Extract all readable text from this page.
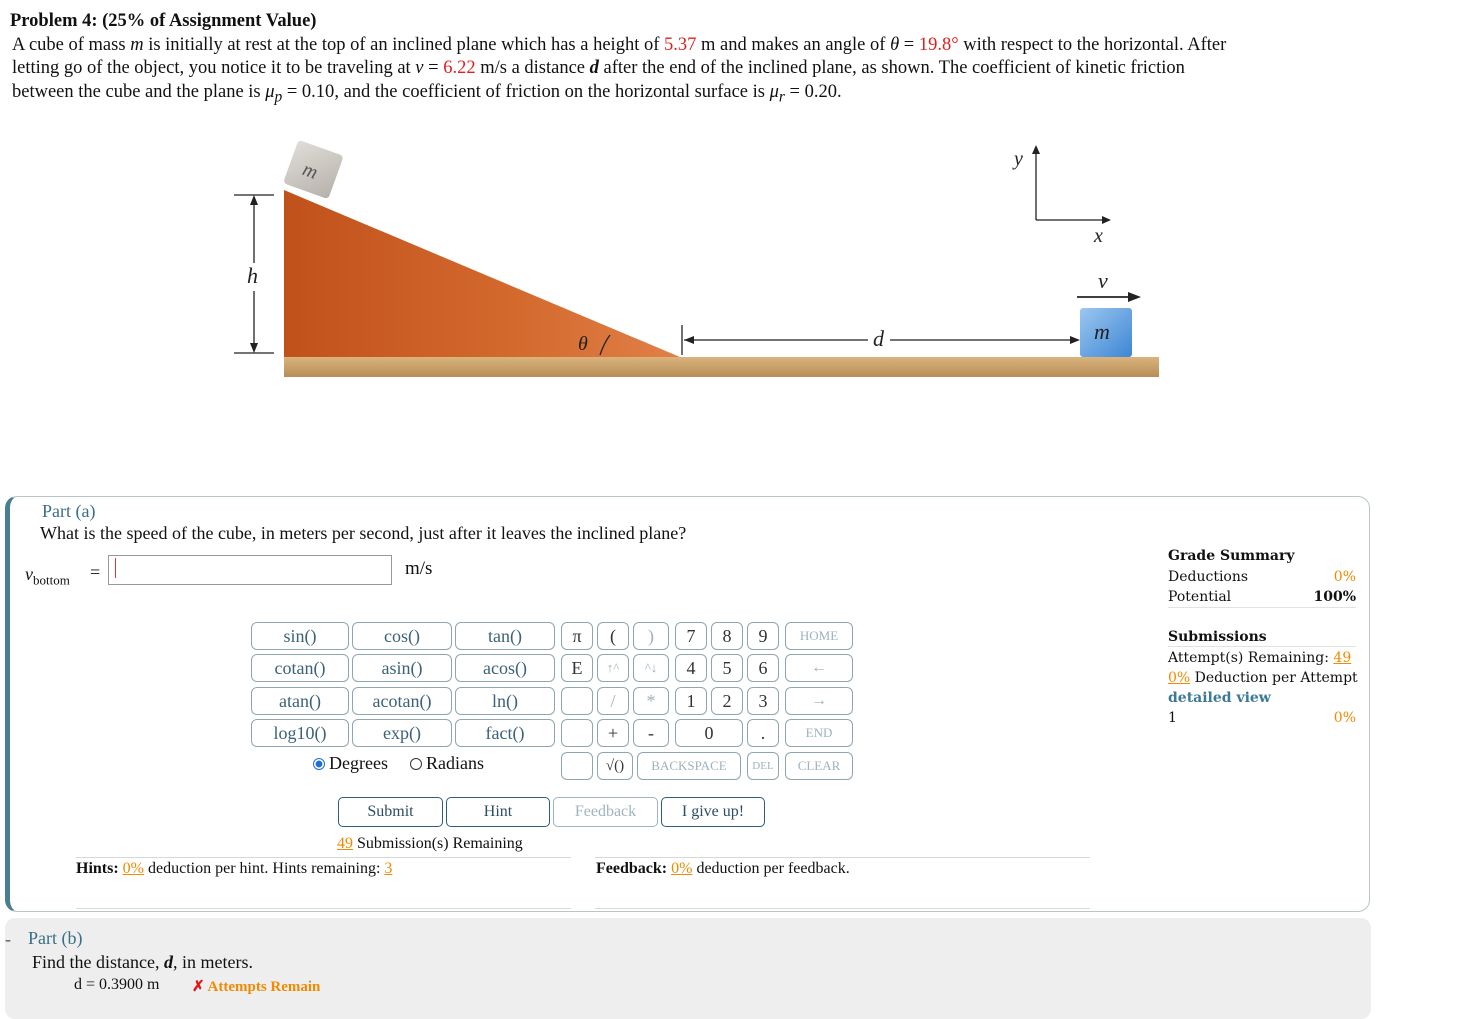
Problem 4: (25% of Assignment Value)
A cube of mass m is initially at rest at the top of an inclined plane which has a height of 5.37 m and makes an angle of θ = 19.8° with respect to the horizontal. After
letting go of the object, you notice it to be traveling at v = 6.22 m/s a distance d after the end of the inclined plane, as shown. The coefficient of kinetic friction
between the cube and the plane is $\mu_p = 0.10$, and the coefficient of friction on the horizontal surface is $\mu_r = 0.20$.
m
h
θ	d	m
v
y
x
Part (a)
What is the speed of the cube, in meters per second, just after it leaves the inclined plane?
$v_{bottom}$ =	m/s
sin()	cos()	tan()
cotan()	asin()	acos()
atan()	acotan()	ln()
log10()	exp()	fact()
π	(	)
E	↑^	^↓
/	*
+	-
√()
7	8	9
4	5	6
1	2	3
0	.
HOME
←
→
END
BACKSPACE	DEL	CLEAR
Degrees	Radians
Submit	Hint	Feedback	I give up!
49 Submission(s) Remaining
Hints: 0% deduction per hint. Hints remaining: 3	Feedback: 0% deduction per feedback.
Grade Summary
Deductions	0%
Potential	100%
Submissions
Attempt(s) Remaining: 49
0% Deduction per Attempt
detailed view
1	0%
- Part (b)
Find the distance, d, in meters.
d = 0.3900 m ✗ Attempts Remain
